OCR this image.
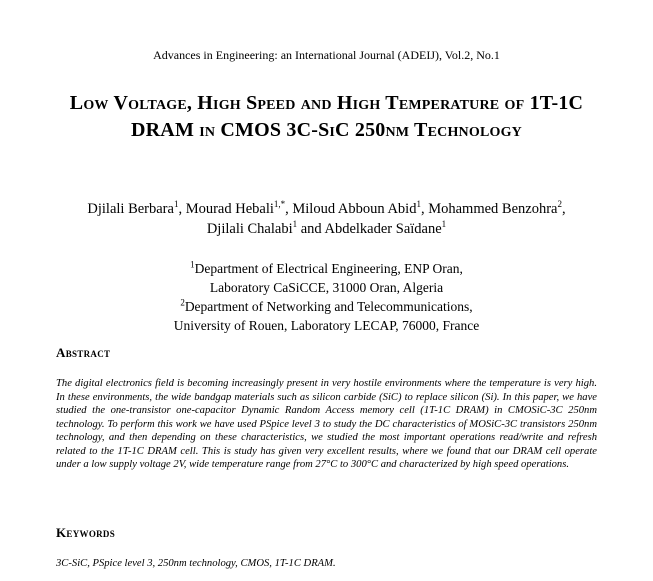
Advances in Engineering: an International Journal (ADEIJ), Vol.2, No.1
Low Voltage, High Speed and High Temperature of 1T-1C DRAM in CMOS 3C-SiC 250nm Technology
Djilali Berbara$^1$, Mourad Hebali$^{1,*}$, Miloud Abboun Abid$^1$, Mohammed Benzohra$^2$,
Djilali Chalabi$^1$ and Abdelkader Saïdane$^1$
$^1$Department of Electrical Engineering, ENP Oran,
Laboratory CaSiCCE, 31000 Oran, Algeria
$^2$Department of Networking and Telecommunications,
University of Rouen, Laboratory LECAP, 76000, France
Abstract
The digital electronics field is becoming increasingly present in very hostile environments where the temperature is very high. In these environments, the wide bandgap materials such as silicon carbide (SiC) to replace silicon (Si). In this paper, we have studied the one-transistor one-capacitor Dynamic Random Access memory cell (1T-1C DRAM) in CMOSiC-3C 250nm technology. To perform this work we have used PSpice level 3 to study the DC characteristics of MOSiC-3C transistors 250nm technology, and then depending on these characteristics, we studied the most important operations read/write and refresh related to the 1T-1C DRAM cell. This is study has given very excellent results, where we found that our DRAM cell operate under a low supply voltage 2V, wide temperature range from 27°C to 300°C and characterized by high speed operations.
Keywords
3C-SiC, PSpice level 3, 250nm technology, CMOS, 1T-1C DRAM.
